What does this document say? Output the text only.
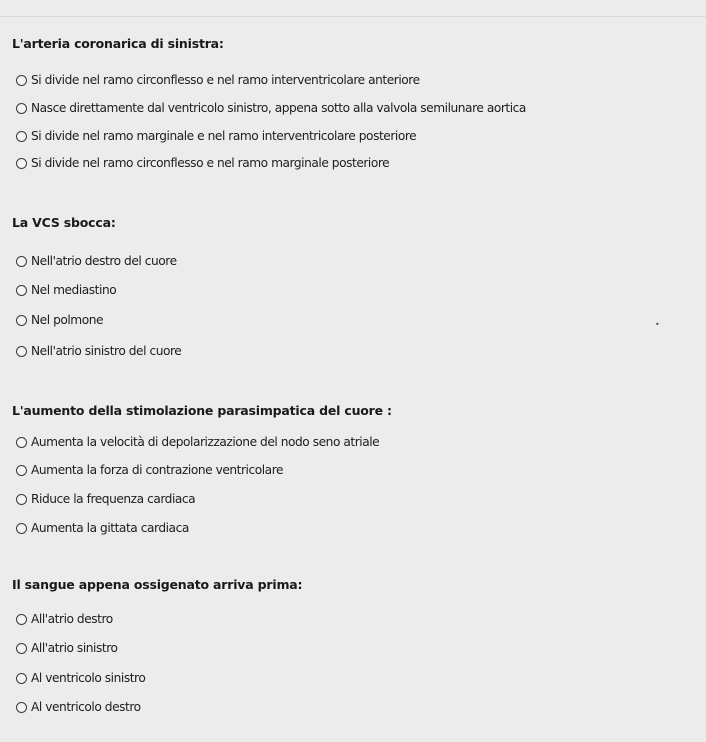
L'arteria coronarica di sinistra:
Si divide nel ramo circonflesso e nel ramo interventricolare anteriore
Nasce direttamente dal ventricolo sinistro, appena sotto alla valvola semilunare aortica
Si divide nel ramo marginale e nel ramo interventricolare posteriore
Si divide nel ramo circonflesso e nel ramo marginale posteriore
La VCS sbocca:
Nell'atrio destro del cuore
Nel mediastino
Nel polmone
Nell'atrio sinistro del cuore
L'aumento della stimolazione parasimpatica del cuore :
Aumenta la velocità di depolarizzazione del nodo seno atriale
Aumenta la forza di contrazione ventricolare
Riduce la frequenza cardiaca
Aumenta la gittata cardiaca
Il sangue appena ossigenato arriva prima:
All'atrio destro
All'atrio sinistro
Al ventricolo sinistro
Al ventricolo destro
•
